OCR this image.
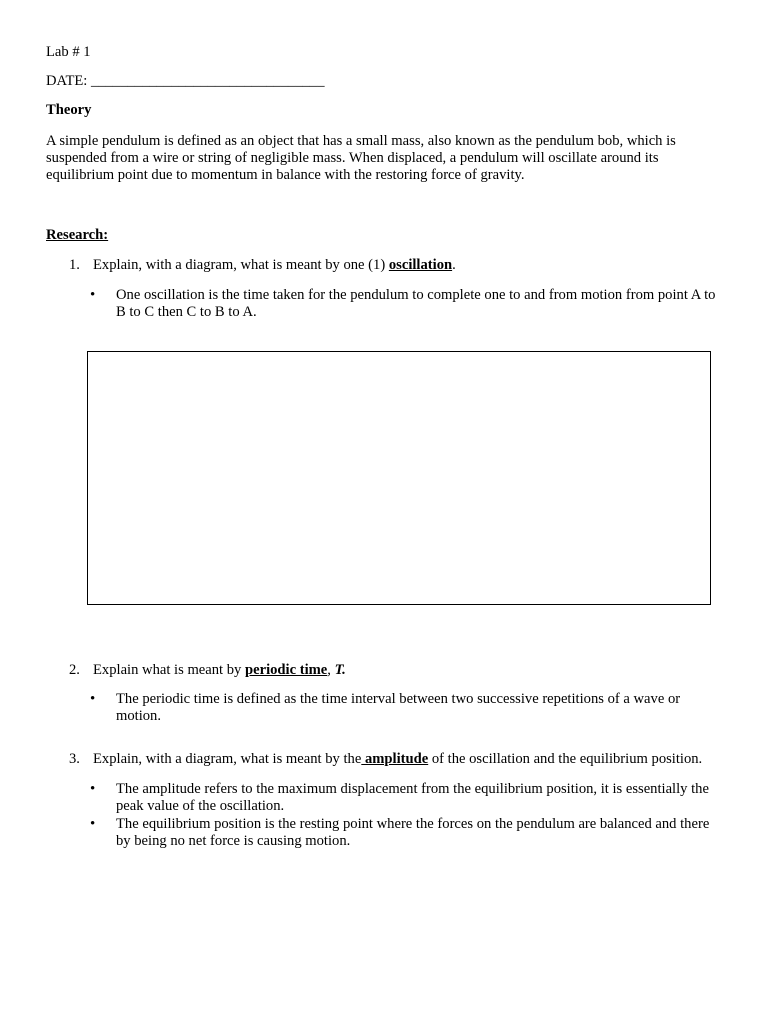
Lab # 1
DATE: ________________________________
Theory
A simple pendulum is defined as an object that has a small mass, also known as the pendulum bob, which is suspended from a wire or string of negligible mass. When displaced, a pendulum will oscillate around its equilibrium point due to momentum in balance with the restoring force of gravity.
Research:
1. Explain, with a diagram, what is meant by one (1) oscillation.
• One oscillation is the time taken for the pendulum to complete one to and from motion from point A to B to C then C to B to A.
2. Explain what is meant by periodic time, T.
• The periodic time is defined as the time interval between two successive repetitions of a wave or motion.
3. Explain, with a diagram, what is meant by the amplitude of the oscillation and the equilibrium position.
• The amplitude refers to the maximum displacement from the equilibrium position, it is essentially the peak value of the oscillation.
• The equilibrium position is the resting point where the forces on the pendulum are balanced and there by being no net force is causing motion.
